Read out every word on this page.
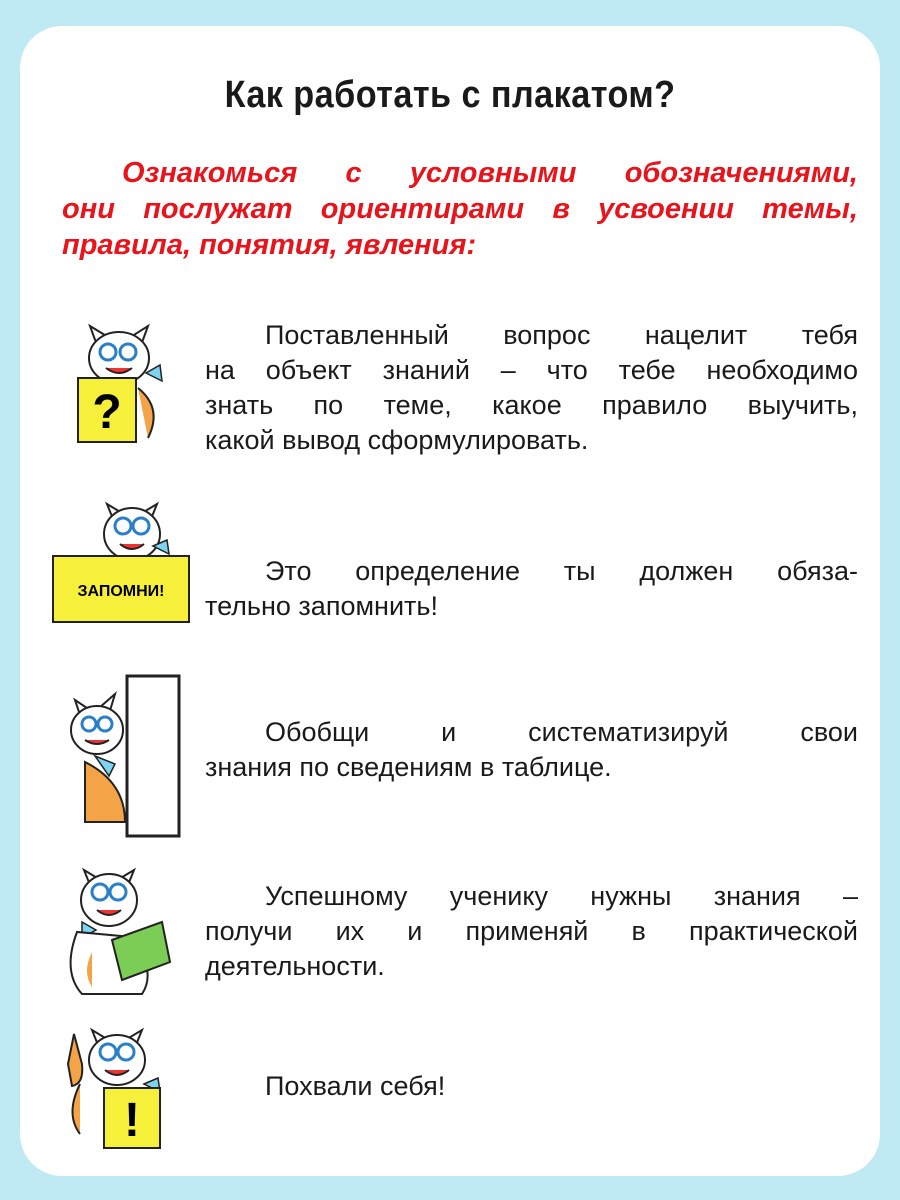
Как работать с плакатом?
Ознакомься с условными обозначениями,
они послужат ориентирами в усвоении темы,
правила, понятия, явления:
?
Поставленный вопрос нацелит тебя
на объект знаний – что тебе необходимо
знать по теме, какое правило выучить,
какой вывод сформулировать.
ЗАПОМНИ!
Это определение ты должен обяза-
тельно запомнить!
Обобщи и систематизируй свои
знания по сведениям в таблице.
Успешному ученику нужны знания –
получи их и применяй в практической
деятельности.
!
Похвали себя!
